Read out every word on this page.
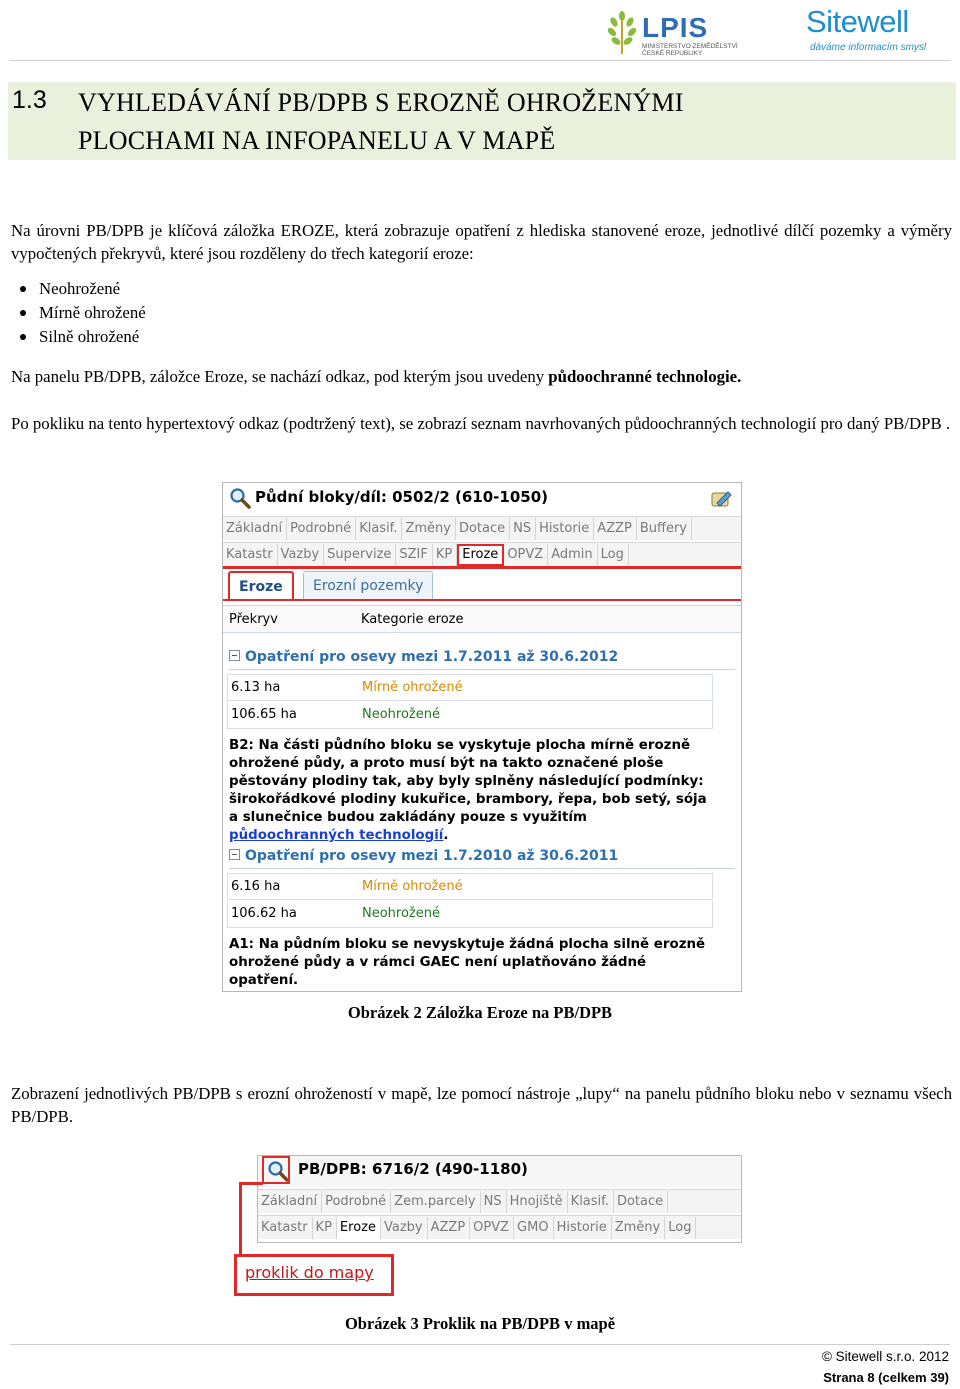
LPIS
MINISTERSTVO ZEMĚDĚLSTVÍ ČESKÉ REPUBLIKY
Sitewell
dáváme informacím smysl
1.3 VYHLEDÁVÁNÍ PB/DPB S EROZNĚ OHROŽENÝMI
PLOCHAMI NA INFOPANELU A V MAPĚ

Na úrovni PB/DPB je klíčová záložka EROZE, která zobrazuje opatření z hlediska stanovené eroze, jednotlivé dílčí pozemky a výměry vypočtených překryvů, které jsou rozděleny do třech kategorií eroze:

Neohrožené
Mírně ohrožené
Silně ohrožené

Na panelu PB/DPB, záložce Eroze, se nachází odkaz, pod kterým jsou uvedeny půdoochranné technologie.

Po pokliku na tento hypertextový odkaz (podtržený text), se zobrazí seznam navrhovaných půdoochranných technologií pro daný PB/DPB .

Půdní bloky/díl: 0502/2 (610-1050)
Základní Podrobné Klasif. Změny Dotace NS Historie AZZP Buffery
Katastr Vazby Supervize SZIF KP Eroze OPVZ Admin Log
Eroze	Erozní pozemky
Překryv	Kategorie eroze
Opatření pro osevy mezi 1.7.2011 až 30.6.2012
6.13 ha	Mírně ohrožené
106.65 ha	Neohrožené
B2: Na části půdního bloku se vyskytuje plocha mírně erozně ohrožené půdy, a proto musí být na takto označené ploše pěstovány plodiny tak, aby byly splněny následující podmínky: širokořádkové plodiny kukuřice, brambory, řepa, bob setý, sója a slunečnice budou zakládány pouze s využitím půdoochranných technologií.
Opatření pro osevy mezi 1.7.2010 až 30.6.2011
6.16 ha	Mírně ohrožené
106.62 ha	Neohrožené
A1: Na půdním bloku se nevyskytuje žádná plocha silně erozně ohrožené půdy a v rámci GAEC není uplatňováno žádné opatření.
Obrázek 2 Záložka Eroze na PB/DPB

Zobrazení jednotlivých PB/DPB s erozní ohrožeností v mapě, lze pomocí nástroje „lupy“ na panelu půdního bloku nebo v seznamu všech PB/DPB.

PB/DPB: 6716/2 (490-1180)
Základní Podrobné Zem.parcely NS Hnojiště Klasif. Dotace
Katastr KP Eroze Vazby AZZP OPVZ GMO Historie Změny Log
proklik do mapy
Obrázek 3 Proklik na PB/DPB v mapě
© Sitewell s.r.o. 2012
Strana 8 (celkem 39)
